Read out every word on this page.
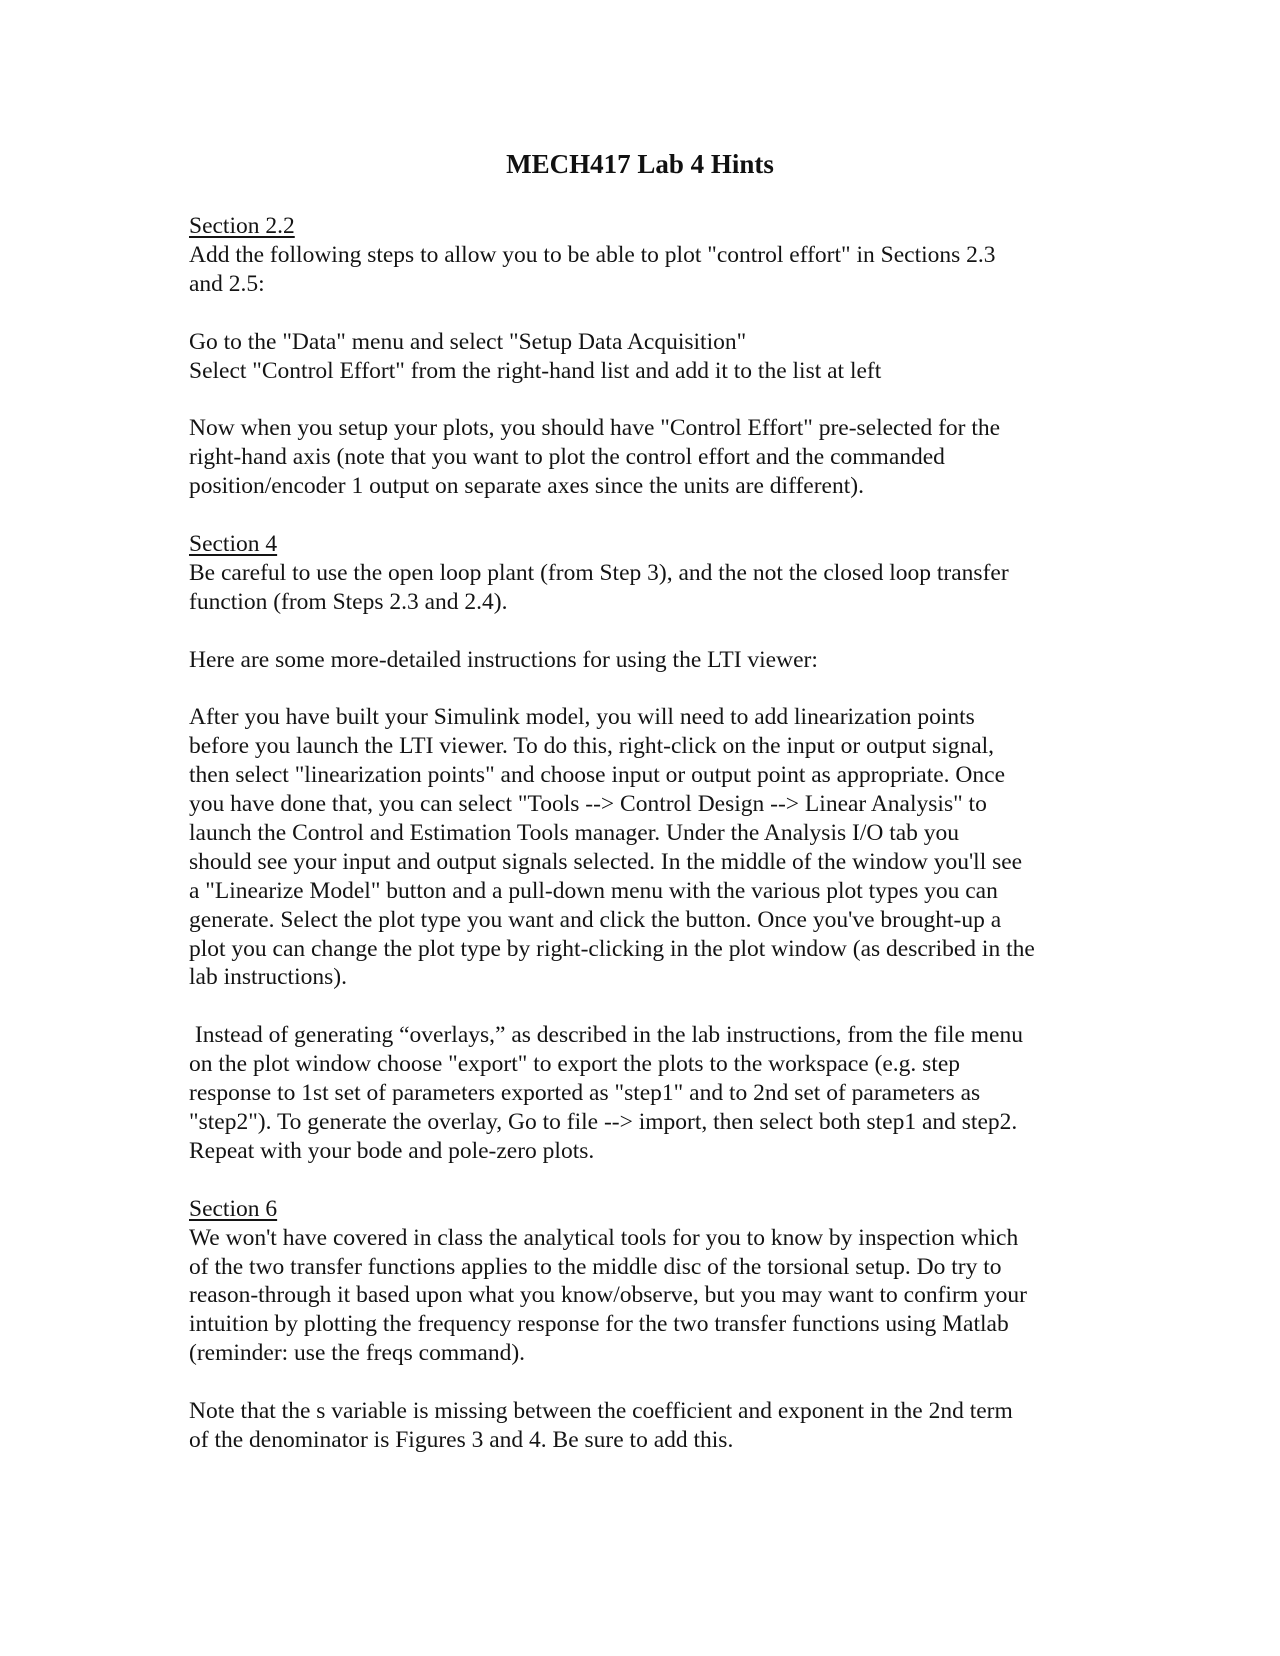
MECH417 Lab 4 Hints

Section 2.2
Add the following steps to allow you to be able to plot "control effort" in Sections 2.3
and 2.5:

Go to the "Data" menu and select "Setup Data Acquisition"
Select "Control Effort" from the right-hand list and add it to the list at left

Now when you setup your plots, you should have "Control Effort" pre-selected for the
right-hand axis (note that you want to plot the control effort and the commanded
position/encoder 1 output on separate axes since the units are different).

Section 4
Be careful to use the open loop plant (from Step 3), and the not the closed loop transfer
function (from Steps 2.3 and 2.4).

Here are some more-detailed instructions for using the LTI viewer:

After you have built your Simulink model, you will need to add linearization points
before you launch the LTI viewer. To do this, right-click on the input or output signal,
then select "linearization points" and choose input or output point as appropriate. Once
you have done that, you can select "Tools --> Control Design --> Linear Analysis" to
launch the Control and Estimation Tools manager. Under the Analysis I/O tab you
should see your input and output signals selected. In the middle of the window you'll see
a "Linearize Model" button and a pull-down menu with the various plot types you can
generate. Select the plot type you want and click the button. Once you've brought-up a
plot you can change the plot type by right-clicking in the plot window (as described in the
lab instructions).

Instead of generating “overlays,” as described in the lab instructions, from the file menu
on the plot window choose "export" to export the plots to the workspace (e.g. step
response to 1st set of parameters exported as "step1" and to 2nd set of parameters as
"step2"). To generate the overlay, Go to file --> import, then select both step1 and step2.
Repeat with your bode and pole-zero plots.

Section 6
We won't have covered in class the analytical tools for you to know by inspection which
of the two transfer functions applies to the middle disc of the torsional setup. Do try to
reason-through it based upon what you know/observe, but you may want to confirm your
intuition by plotting the frequency response for the two transfer functions using Matlab
(reminder: use the freqs command).

Note that the s variable is missing between the coefficient and exponent in the 2nd term
of the denominator is Figures 3 and 4. Be sure to add this.
